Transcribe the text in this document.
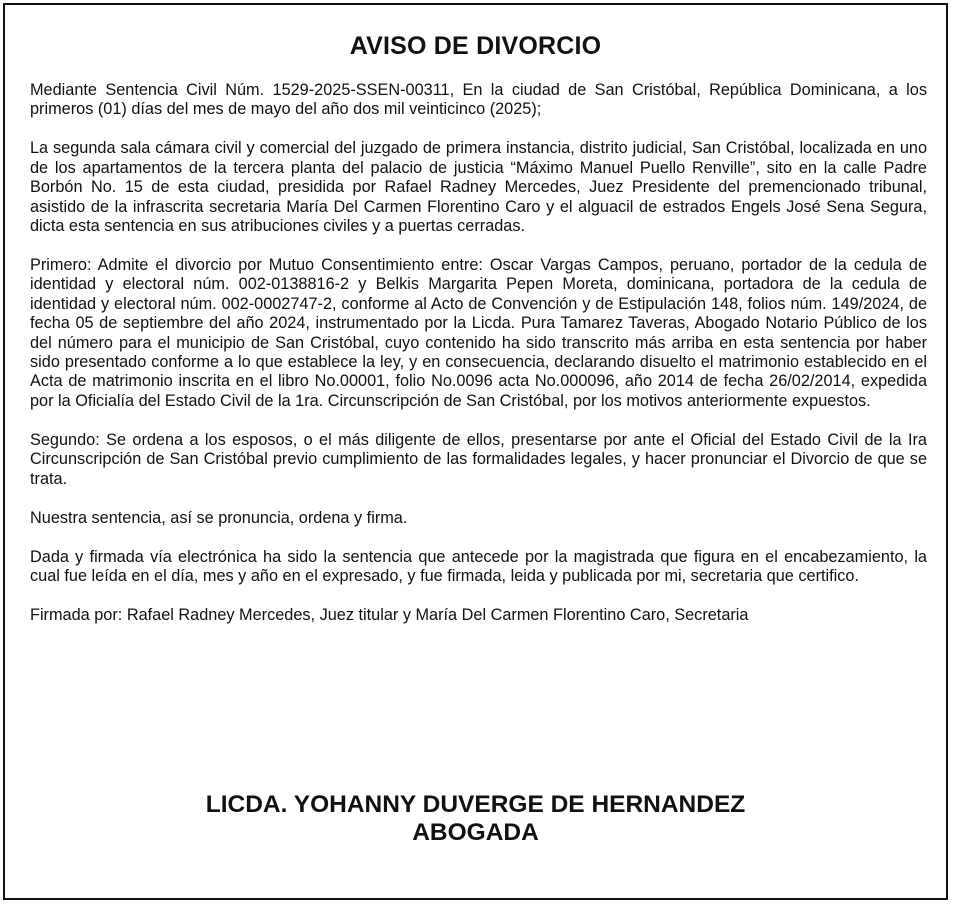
AVISO DE DIVORCIO

Mediante Sentencia Civil Núm. 1529-2025-SSEN-00311, En la ciudad de San Cristóbal, República Dominicana, a los primeros (01) días del mes de mayo del año dos mil veinticinco (2025);

La segunda sala cámara civil y comercial del juzgado de primera instancia, distrito judicial, San Cristóbal, localizada en uno de los apartamentos de la tercera planta del palacio de justicia “Máximo Manuel Puello Renville”, sito en la calle Padre Borbón No. 15 de esta ciudad, presidida por Rafael Radney Mercedes, Juez Presidente del premencionado tribunal, asistido de la infrascrita secretaria María Del Carmen Florentino Caro y el alguacil de estrados Engels José Sena Segura, dicta esta sentencia en sus atribuciones civiles y a puertas cerradas.

Primero: Admite el divorcio por Mutuo Consentimiento entre: Oscar Vargas Campos, peruano, portador de la cedula de identidad y electoral núm. 002-0138816-2 y Belkis Margarita Pepen Moreta, dominicana, portadora de la cedula de identidad y electoral núm. 002-0002747-2, conforme al Acto de Convención y de Estipulación 148, folios núm. 149/2024, de fecha 05 de septiembre del año 2024, instrumentado por la Licda. Pura Tamarez Taveras, Abogado Notario Público de los del número para el municipio de San Cristóbal, cuyo contenido ha sido transcrito más arriba en esta sentencia por haber sido presentado conforme a lo que establece la ley, y en consecuencia, declarando disuelto el matrimonio establecido en el Acta de matrimonio inscrita en el libro No.00001, folio No.0096 acta No.000096, año 2014 de fecha 26/02/2014, expedida por la Oficialía del Estado Civil de la 1ra. Circunscripción de San Cristóbal, por los motivos anteriormente expuestos.

Segundo: Se ordena a los esposos, o el más diligente de ellos, presentarse por ante el Oficial del Estado Civil de la Ira Circunscripción de San Cristóbal previo cumplimiento de las formalidades legales, y hacer pronunciar el Divorcio de que se trata.

Nuestra sentencia, así se pronuncia, ordena y firma.

Dada y firmada vía electrónica ha sido la sentencia que antecede por la magistrada que figura en el encabezamiento, la cual fue leída en el día, mes y año en el expresado, y fue firmada, leida y publicada por mi, secretaria que certifico.

Firmada por: Rafael Radney Mercedes, Juez titular y María Del Carmen Florentino Caro, Secretaria

LICDA. YOHANNY DUVERGE DE HERNANDEZ
ABOGADA
